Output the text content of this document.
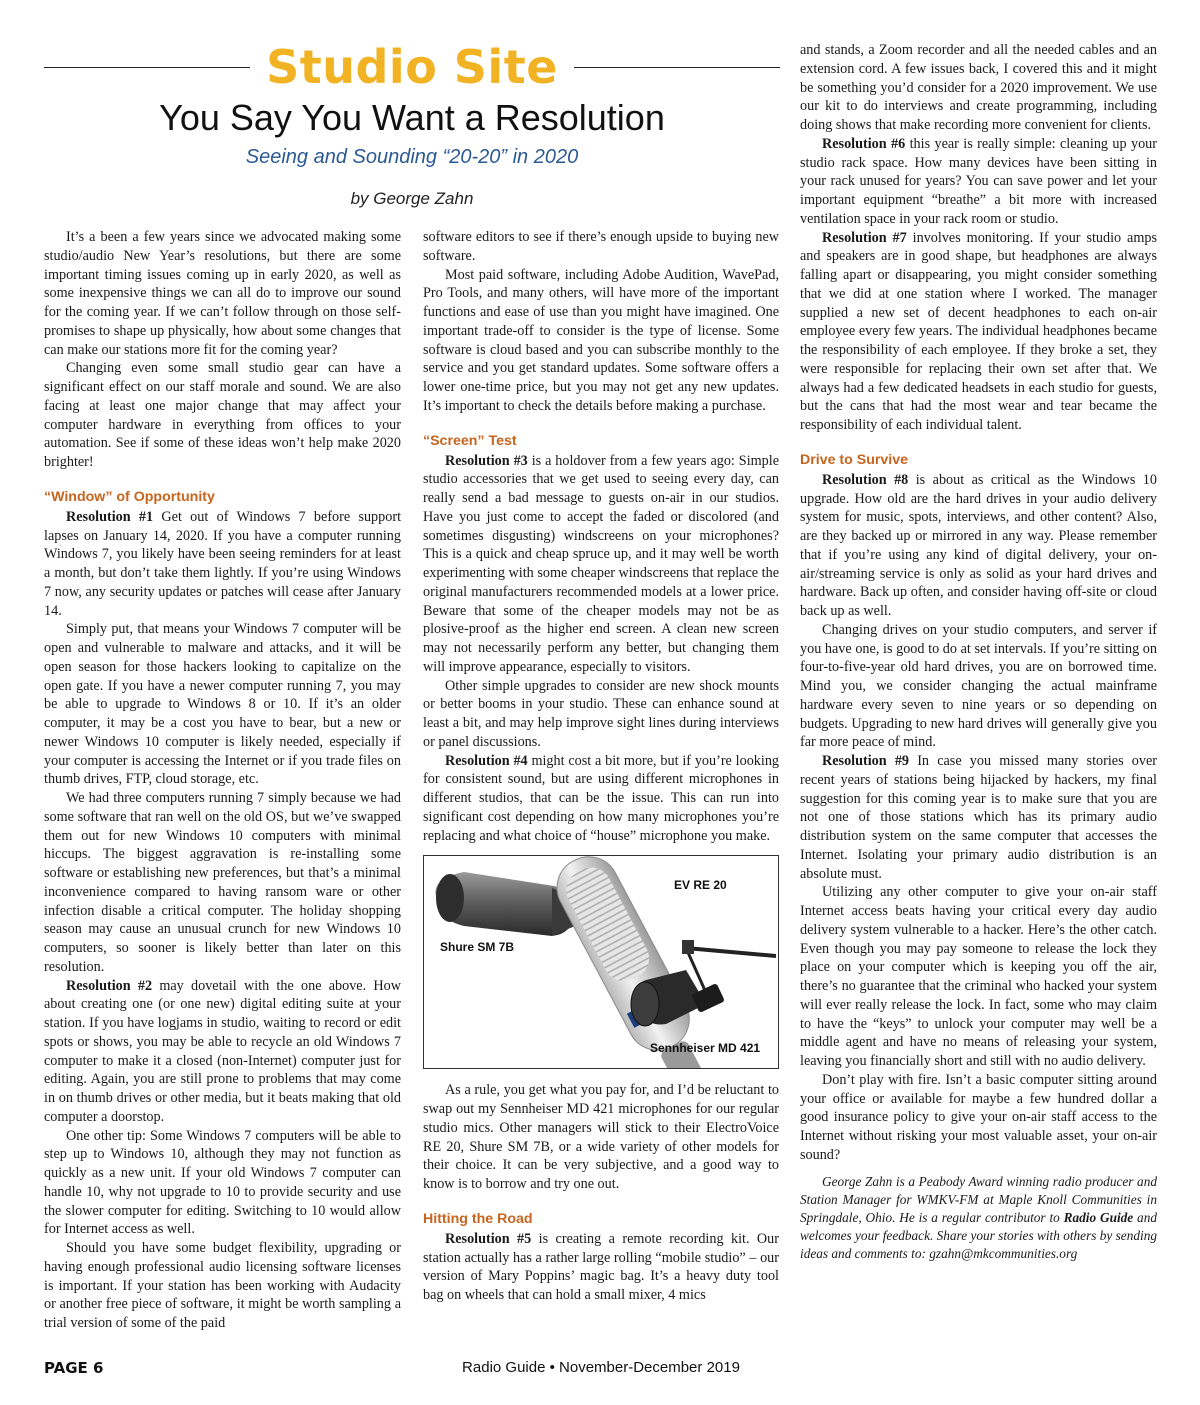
Studio Site
You Say You Want a Resolution
Seeing and Sounding “20-20” in 2020
by George Zahn

It’s a been a few years since we advocated making some studio/audio New Year’s resolutions, but there are some important timing issues coming up in early 2020, as well as some inexpensive things we can all do to improve our sound for the coming year. If we can’t follow through on those self-promises to shape up physically, how about some changes that can make our stations more fit for the coming year?

Changing even some small studio gear can have a significant effect on our staff morale and sound. We are also facing at least one major change that may affect your computer hardware in everything from offices to your automation. See if some of these ideas won’t help make 2020 brighter!

“Window” of Opportunity

Resolution #1 Get out of Windows 7 before support lapses on January 14, 2020. If you have a computer running Windows 7, you likely have been seeing reminders for at least a month, but don’t take them lightly. If you’re using Windows 7 now, any security updates or patches will cease after January 14.

Simply put, that means your Windows 7 computer will be open and vulnerable to malware and attacks, and it will be open season for those hackers looking to capitalize on the open gate. If you have a newer computer running 7, you may be able to upgrade to Windows 8 or 10. If it’s an older computer, it may be a cost you have to bear, but a new or newer Windows 10 computer is likely needed, especially if your computer is accessing the Internet or if you trade files on thumb drives, FTP, cloud storage, etc.

We had three computers running 7 simply because we had some software that ran well on the old OS, but we’ve swapped them out for new Windows 10 computers with minimal hiccups. The biggest aggravation is re-installing some software or establishing new preferences, but that’s a minimal inconvenience compared to having ransom ware or other infection disable a critical computer. The holiday shopping season may cause an unusual crunch for new Windows 10 computers, so sooner is likely better than later on this resolution.

Resolution #2 may dovetail with the one above. How about creating one (or one new) digital editing suite at your station. If you have logjams in studio, waiting to record or edit spots or shows, you may be able to recycle an old Windows 7 computer to make it a closed (non-Internet) computer just for editing. Again, you are still prone to problems that may come in on thumb drives or other media, but it beats making that old computer a doorstop.

One other tip: Some Windows 7 computers will be able to step up to Windows 10, although they may not function as quickly as a new unit. If your old Windows 7 computer can handle 10, why not upgrade to 10 to provide security and use the slower computer for editing. Switching to 10 would allow for Internet access as well.

Should you have some budget flexibility, upgrading or having enough professional audio licensing software licenses is important. If your station has been working with Audacity or another free piece of software, it might be worth sampling a trial version of some of the paid

software editors to see if there’s enough upside to buying new software.

Most paid software, including Adobe Audition, WavePad, Pro Tools, and many others, will have more of the important functions and ease of use than you might have imagined. One important trade-off to consider is the type of license. Some software is cloud based and you can subscribe monthly to the service and you get standard updates. Some software offers a lower one-time price, but you may not get any new updates. It’s important to check the details before making a purchase.

“Screen” Test

Resolution #3 is a holdover from a few years ago: Simple studio accessories that we get used to seeing every day, can really send a bad message to guests on-air in our studios. Have you just come to accept the faded or discolored (and sometimes disgusting) windscreens on your microphones? This is a quick and cheap spruce up, and it may well be worth experimenting with some cheaper windscreens that replace the original manufacturers recommended models at a lower price. Beware that some of the cheaper models may not be as plosive-proof as the higher end screen. A clean new screen may not necessarily perform any better, but changing them will improve appearance, especially to visitors.

Other simple upgrades to consider are new shock mounts or better booms in your studio. These can enhance sound at least a bit, and may help improve sight lines during interviews or panel discussions.

Resolution #4 might cost a bit more, but if you’re looking for consistent sound, but are using different microphones in different studios, that can be the issue. This can run into significant cost depending on how many microphones you’re replacing and what choice of “house” microphone you make.

EV RE 20
Shure SM 7B
Sennheiser MD 421

As a rule, you get what you pay for, and I’d be reluctant to swap out my Sennheiser MD 421 microphones for our regular studio mics. Other managers will stick to their ElectroVoice RE 20, Shure SM 7B, or a wide variety of other models for their choice. It can be very subjective, and a good way to know is to borrow and try one out.

Hitting the Road

Resolution #5 is creating a remote recording kit. Our station actually has a rather large rolling “mobile studio” – our version of Mary Poppins’ magic bag. It’s a heavy duty tool bag on wheels that can hold a small mixer, 4 mics

and stands, a Zoom recorder and all the needed cables and an extension cord. A few issues back, I covered this and it might be something you’d consider for a 2020 improvement. We use our kit to do interviews and create programming, including doing shows that make recording more convenient for clients.

Resolution #6 this year is really simple: cleaning up your studio rack space. How many devices have been sitting in your rack unused for years? You can save power and let your important equipment “breathe” a bit more with increased ventilation space in your rack room or studio.

Resolution #7 involves monitoring. If your studio amps and speakers are in good shape, but headphones are always falling apart or disappearing, you might consider something that we did at one station where I worked. The manager supplied a new set of decent headphones to each on-air employee every few years. The individual headphones became the responsibility of each employee. If they broke a set, they were responsible for replacing their own set after that. We always had a few dedicated headsets in each studio for guests, but the cans that had the most wear and tear became the responsibility of each individual talent.

Drive to Survive

Resolution #8 is about as critical as the Windows 10 upgrade. How old are the hard drives in your audio delivery system for music, spots, interviews, and other content? Also, are they backed up or mirrored in any way. Please remember that if you’re using any kind of digital delivery, your on-air/streaming service is only as solid as your hard drives and hardware. Back up often, and consider having off-site or cloud back up as well.

Changing drives on your studio computers, and server if you have one, is good to do at set intervals. If you’re sitting on four-to-five-year old hard drives, you are on borrowed time. Mind you, we consider changing the actual mainframe hardware every seven to nine years or so depending on budgets. Upgrading to new hard drives will generally give you far more peace of mind.

Resolution #9 In case you missed many stories over recent years of stations being hijacked by hackers, my final suggestion for this coming year is to make sure that you are not one of those stations which has its primary audio distribution system on the same computer that accesses the Internet. Isolating your primary audio distribution is an absolute must.

Utilizing any other computer to give your on-air staff Internet access beats having your critical every day audio delivery system vulnerable to a hacker. Here’s the other catch. Even though you may pay someone to release the lock they place on your computer which is keeping you off the air, there’s no guarantee that the criminal who hacked your system will ever really release the lock. In fact, some who may claim to have the “keys” to unlock your computer may well be a middle agent and have no means of releasing your system, leaving you financially short and still with no audio delivery.

Don’t play with fire. Isn’t a basic computer sitting around your office or available for maybe a few hundred dollar a good insurance policy to give your on-air staff access to the Internet without risking your most valuable asset, your on-air sound?

George Zahn is a Peabody Award winning radio producer and Station Manager for WMKV-FM at Maple Knoll Communities in Springdale, Ohio. He is a regular contributor to Radio Guide and welcomes your feedback. Share your stories with others by sending ideas and comments to: gzahn@mkcommunities.org

PAGE 6	Radio Guide • November-December 2019
